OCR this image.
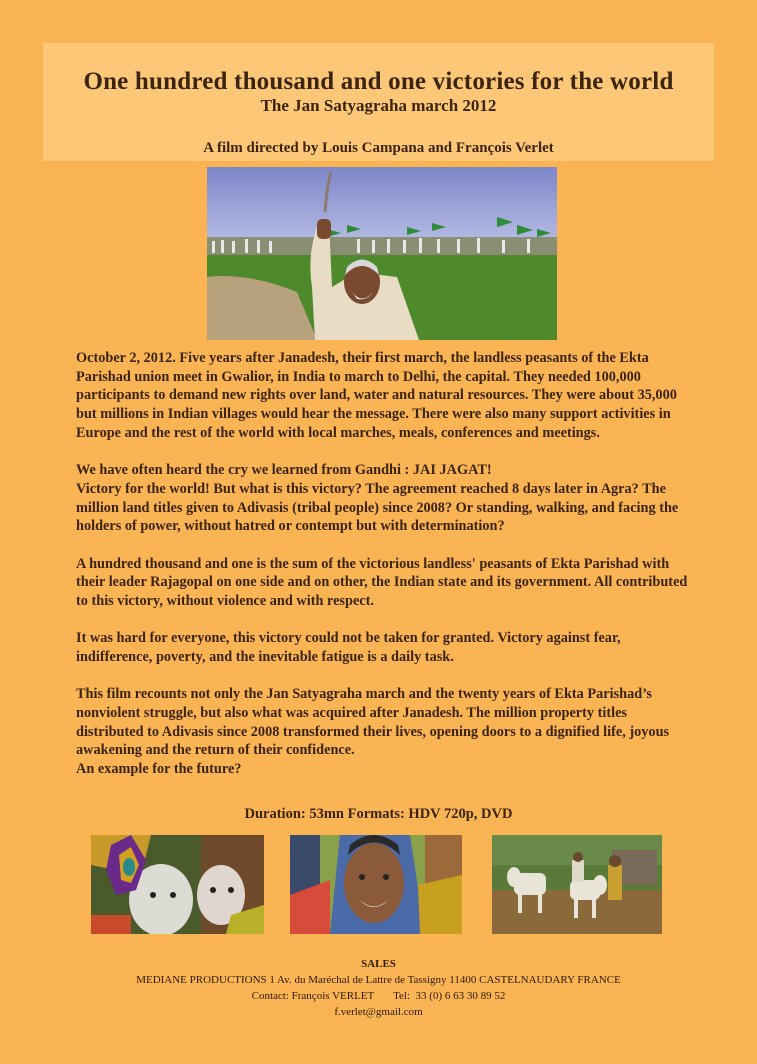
One hundred thousand and one victories for the world
The Jan Satyagraha march 2012
A film directed by Louis Campana and François Verlet

October 2, 2012. Five years after Janadesh, their first march, the landless peasants of the Ekta Parishad union meet in Gwalior, in India to march to Delhi, the capital. They needed 100,000 participants to demand new rights over land, water and natural resources. They were about 35,000 but millions in Indian villages would hear the message. There were also many support activities in Europe and the rest of the world with local marches, meals, conferences and meetings.

We have often heard the cry we learned from Gandhi : JAI JAGAT!
Victory for the world! But what is this victory? The agreement reached 8 days later in Agra? The million land titles given to Adivasis (tribal people) since 2008? Or standing, walking, and facing the holders of power, without hatred or contempt but with determination?

A hundred thousand and one is the sum of the victorious landless' peasants of Ekta Parishad with their leader Rajagopal on one side and on other, the Indian state and its government. All contributed to this victory, without violence and with respect.

It was hard for everyone, this victory could not be taken for granted. Victory against fear, indifference, poverty, and the inevitable fatigue is a daily task.

This film recounts not only the Jan Satyagraha march and the twenty years of Ekta Parishad’s nonviolent struggle, but also what was acquired after Janadesh. The million property titles distributed to Adivasis since 2008 transformed their lives, opening doors to a dignified life, joyous awakening and the return of their confidence.
An example for the future?

Duration: 53mn Formats: HDV 720p, DVD
SALES
MEDIANE PRODUCTIONS 1 Av. du Maréchal de Lattre de Tassigny 11400 CASTELNAUDARY FRANCE
Contact: François VERLET       Tel:  33 (0) 6 63 30 89 52
f.verlet@gmail.com
